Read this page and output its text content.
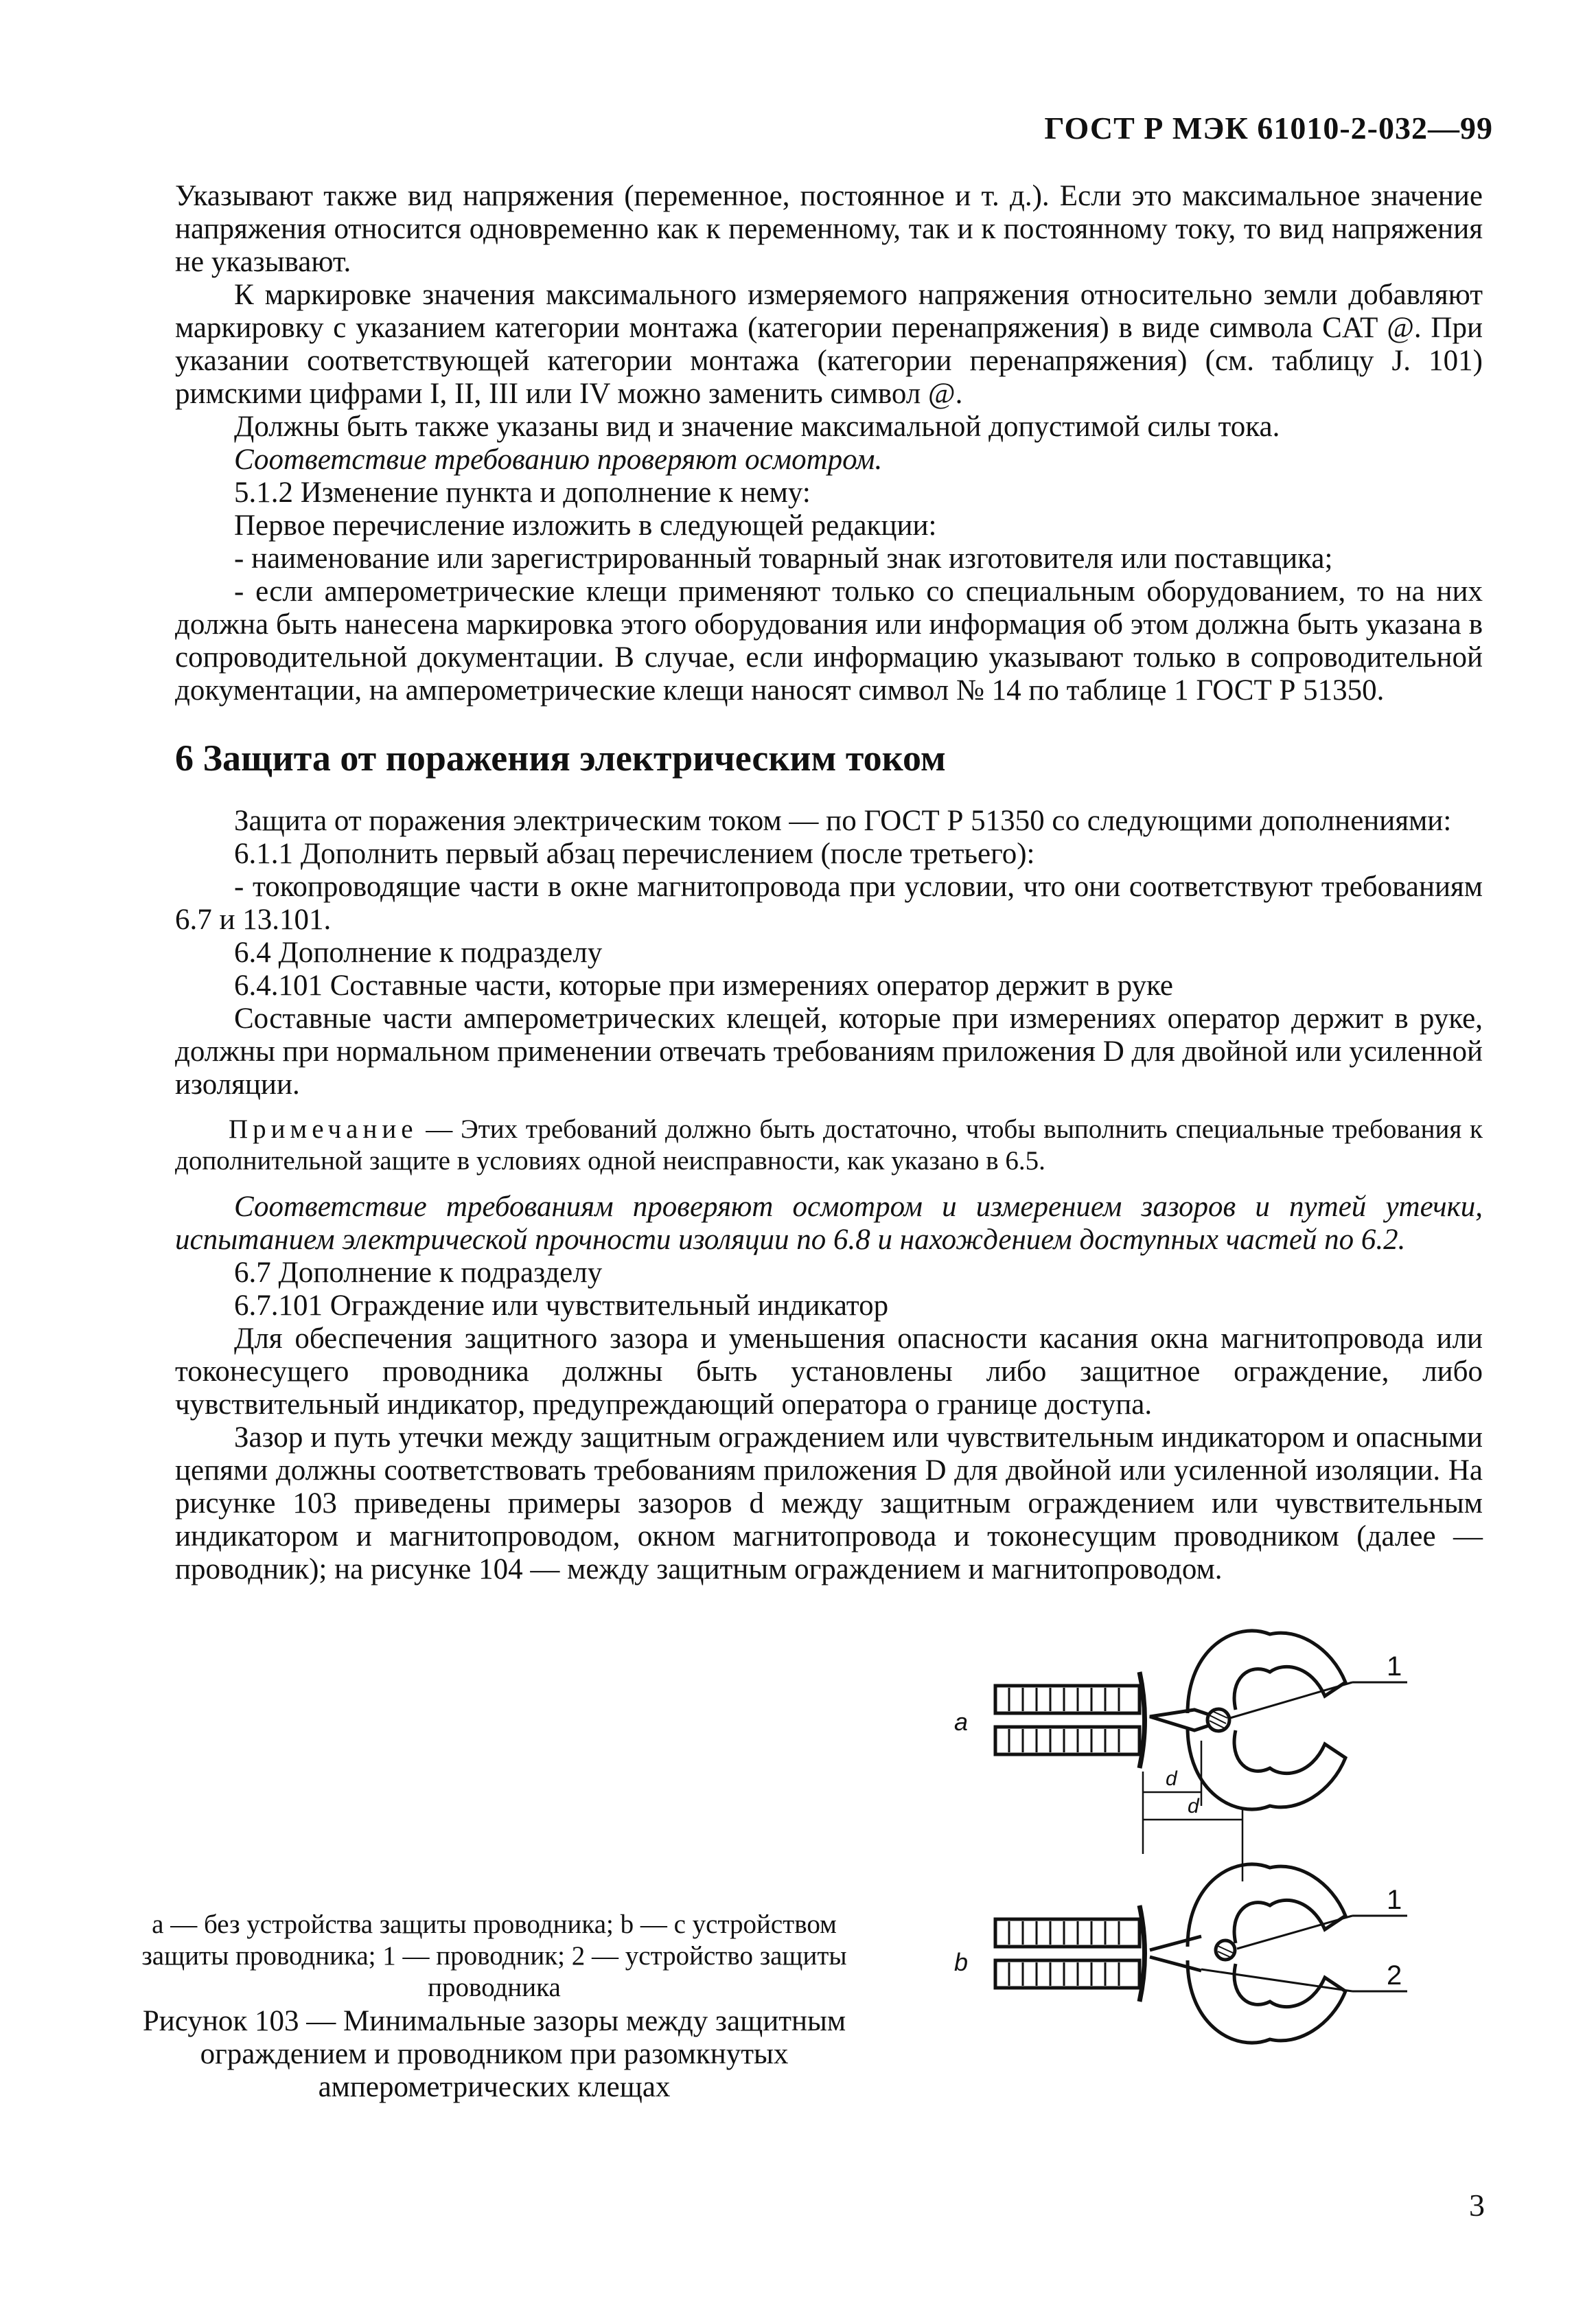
ГОСТ Р МЭК 61010-2-032—99

Указывают также вид напряжения (переменное, постоянное и т. д.). Если это максимальное значение напряжения относится одновременно как к переменному, так и к постоянному току, то вид напряжения не указывают.

К маркировке значения максимального измеряемого напряжения относительно земли добавляют маркировку с указанием категории монтажа (категории перенапряжения) в виде символа CAT @. При указании соответствующей категории монтажа (категории перенапряжения) (см. таблицу J. 101) римскими цифрами I, II, III или IV можно заменить символ @.

Должны быть также указаны вид и значение максимальной допустимой силы тока.

Соответствие требованию проверяют осмотром.

5.1.2 Изменение пункта и дополнение к нему:

Первое перечисление изложить в следующей редакции:

- наименование или зарегистрированный товарный знак изготовителя или поставщика;

- если амперометрические клещи применяют только со специальным оборудованием, то на них должна быть нанесена маркировка этого оборудования или информация об этом должна быть указана в сопроводительной документации. В случае, если информацию указывают только в сопроводительной документации, на амперометрические клещи наносят символ № 14 по таблице 1 ГОСТ Р 51350.

6 Защита от поражения электрическим током

Защита от поражения электрическим током — по ГОСТ Р 51350 со следующими дополнениями:

6.1.1 Дополнить первый абзац перечислением (после третьего):

- токопроводящие части в окне магнитопровода при условии, что они соответствуют требованиям 6.7 и 13.101.

6.4 Дополнение к подразделу

6.4.101 Составные части, которые при измерениях оператор держит в руке

Составные части амперометрических клещей, которые при измерениях оператор держит в руке, должны при нормальном применении отвечать требованиям приложения D для двойной или усиленной изоляции.

Примечание — Этих требований должно быть достаточно, чтобы выполнить специальные требования к дополнительной защите в условиях одной неисправности, как указано в 6.5.

Соответствие требованиям проверяют осмотром и измерением зазоров и путей утечки, испытанием электрической прочности изоляции по 6.8 и нахождением доступных частей по 6.2.

6.7 Дополнение к подразделу

6.7.101 Ограждение или чувствительный индикатор

Для обеспечения защитного зазора и уменьшения опасности касания окна магнитопровода или токонесущего проводника должны быть установлены либо защитное ограждение, либо чувствительный индикатор, предупреждающий оператора о границе доступа.

Зазор и путь утечки между защитным ограждением или чувствительным индикатором и опасными цепями должны соответствовать требованиям приложения D для двойной или усиленной изоляции. На рисунке 103 приведены примеры зазоров d между защитным ограждением или чувствительным индикатором и магнитопроводом, окном магнитопровода и токонесущим проводником (далее — проводник); на рисунке 104 — между защитным ограждением и магнитопроводом.

a — без устройства защиты проводника; b — с устройством защиты проводника; 1 — проводник; 2 — устройство защиты проводника
Рисунок 103 — Минимальные зазоры между защитным ограждением и проводником при разомкнутых амперометрических клещах
a
b
d
d
1
1
2
3
